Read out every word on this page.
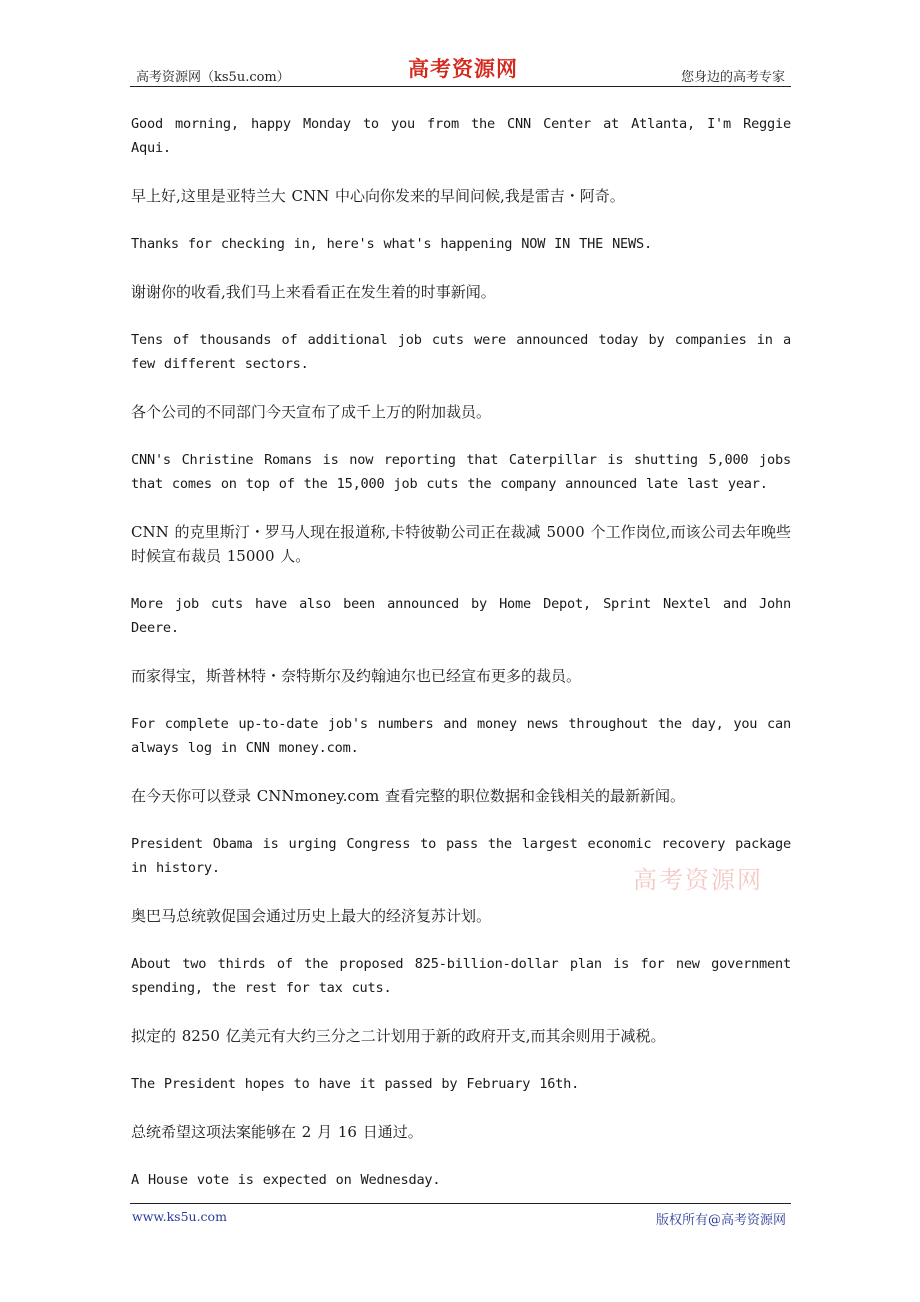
高考资源网（ks5u.com）	高考资源网	您身边的高考专家

Good morning, happy Monday to you from the CNN Center at Atlanta, I'm Reggie Aqui.

早上好,这里是亚特兰大 CNN 中心向你发来的早间问候,我是雷吉・阿奇。

Thanks for checking in, here's what's happening NOW IN THE NEWS.

谢谢你的收看,我们马上来看看正在发生着的时事新闻。

Tens of thousands of additional job cuts were announced today by companies in a few different sectors.

各个公司的不同部门今天宣布了成千上万的附加裁员。

CNN's Christine Romans is now reporting that Caterpillar is shutting 5,000 jobs that comes on top of the 15,000 job cuts the company announced late last year.

CNN 的克里斯汀・罗马人现在报道称,卡特彼勒公司正在裁减 5000 个工作岗位,而该公司去年晚些时候宣布裁员 15000 人。

More job cuts have also been announced by Home Depot, Sprint Nextel and John Deere.

而家得宝，斯普林特・奈特斯尔及约翰迪尔也已经宣布更多的裁员。

For complete up-to-date job's numbers and money news throughout the day, you can always log in CNN money.com.

在今天你可以登录 CNNmoney.com 查看完整的职位数据和金钱相关的最新新闻。

President Obama is urging Congress to pass the largest economic recovery package in history.

奥巴马总统敦促国会通过历史上最大的经济复苏计划。

About two thirds of the proposed 825-billion-dollar plan is for new government spending, the rest for tax cuts.

拟定的 8250 亿美元有大约三分之二计划用于新的政府开支,而其余则用于减税。

The President hopes to have it passed by February 16th.

总统希望这项法案能够在 2 月 16 日通过。

A House vote is expected on Wednesday.

高考资源网
www.ks5u.com	版权所有@高考资源网
